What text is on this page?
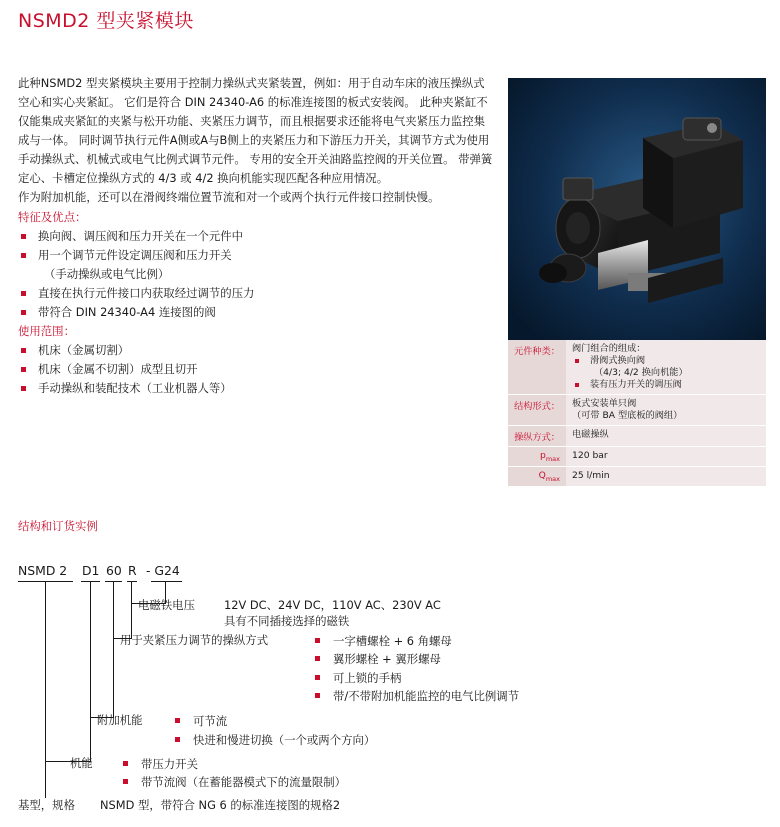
NSMD2 型夹紧模块

此种NSMD2 型夹紧模块主要用于控制力操纵式夹紧装置，例如：用于自动车床的液压操纵式空心和实心夹紧缸。 它们是符合 DIN 24340-A6 的标准连接图的板式安装阀。 此种夹紧缸不仅能集成夹紧缸的夹紧与松开功能、夹紧压力调节，而且根据要求还能将电气夹紧压力监控集成与一体。 同时调节执行元件A侧或A与B侧上的夹紧压力和下游压力开关，其调节方式为使用手动操纵式、机械式或电气比例式调节元件。 专用的安全开关油路监控阀的开关位置。 带弹簧定心、卡槽定位操纵方式的 4/3 或 4/2 换向机能实现匹配各种应用情况。

作为附加机能，还可以在滑阀终端位置节流和对一个或两个执行元件接口控制快慢。

特征及优点：
换向阀、调压阀和压力开关在一个元件中
用一个调节元件设定调压阀和压力开关
（手动操纵或电气比例）
直接在执行元件接口内获取经过调节的压力
带符合 DIN 24340-A4 连接图的阀
使用范围：
机床（金属切割）
机床（金属不切割）成型且切开
手动操纵和装配技术（工业机器人等）
元件种类：	阀门组合的组成：
滑阀式换向阀
（4/3; 4/2 换向机能）
装有压力开关的调压阀
结构形式：	板式安装单只阀
（可带 BA 型底板的阀组）
操纵方式：	电磁操纵
$p_{max}$	120 bar
$Q_{max}$	25 l/min
结构和订货实例
NSMD 2 D1 60 R - G24
电磁铁电压	12V DC、24V DC，110V AC、230V AC
具有不同插接选择的磁铁
用于夹紧压力调节的操纵方式	一字槽螺栓 + 6 角螺母
翼形螺栓 + 翼形螺母
可上锁的手柄
带/不带附加机能监控的电气比例调节
附加机能	可节流
快进和慢进切换（一个或两个方向）
机能	带压力开关
带节流阀（在蓄能器模式下的流量限制）
基型，规格 NSMD 型，带符合 NG 6 的标准连接图的规格2
